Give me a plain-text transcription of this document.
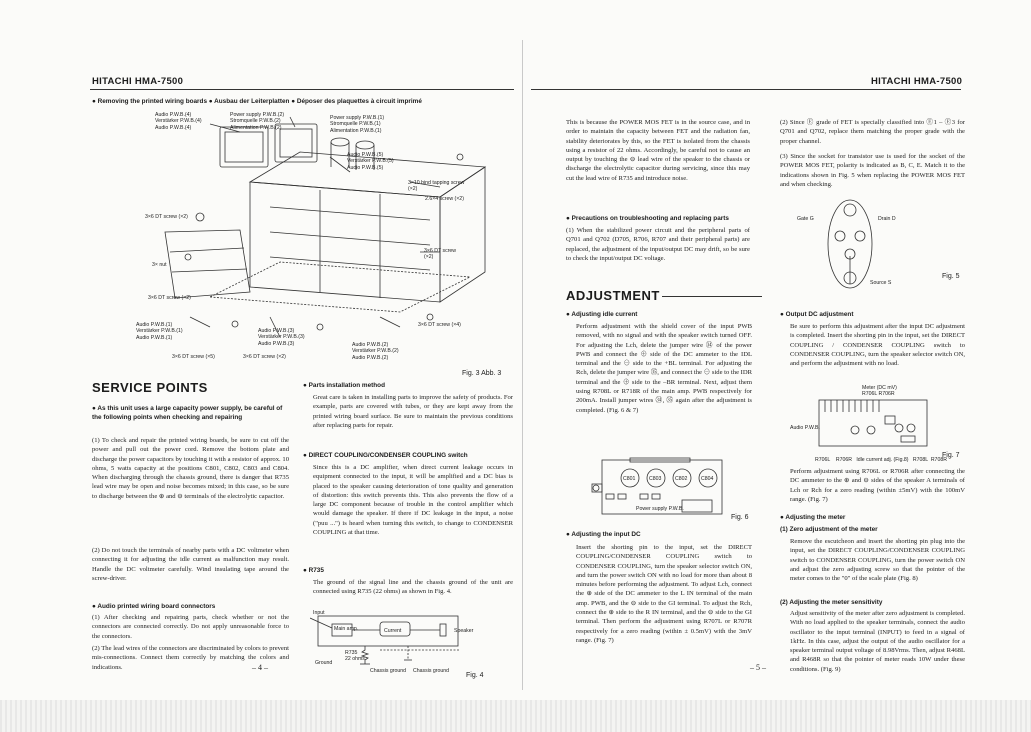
HITACHI HMA-7500	HITACHI HMA-7500
● Removing the printed wiring boards ● Ausbau der Leiterplatten ● Déposer des plaquettes à circuit imprimé
Audio P.W.B.(4)
Verstärker P.W.B.(4)
Audio P.W.B.(4)
Power supply P.W.B.(2)
Stromquelle P.W.B.(2)
Alimentation P.W.B.(2)
Power supply P.W.B.(1)
Stromquelle P.W.B.(1)
Alimentation P.W.B.(1)
Audio P.W.B.(5)
Verstärker P.W.B.(5)
Audio P.W.B.(5)
3×10 bind tapping screw
(×2)
2.6×4 screw (×2)
3×6 DT screw (×2)
3× nut
3×6 DT screw (×2)
3×6 DT screw
(×2)
3×6 DT screw (×4)
Audio P.W.B.(1)
Verstärker P.W.B.(1)
Audio P.W.B.(1)
Audio P.W.B.(3)
Verstärker P.W.B.(3)
Audio P.W.B.(3)	Audio P.W.B.(2)
Verstärker P.W.B.(2)
Audio P.W.B.(2)
3×6 DT screw (×5)	3×6 DT screw (×2)
Fig. 3 Abb. 3
SERVICE POINTS
● As this unit uses a large capacity power supply, be careful of the following points when checking and repairing
(1) To check and repair the printed wiring boards, be sure to cut off the power and pull out the power cord. Remove the bottom plate and discharge the power capacitors by touching it with a resistor of approx. 10 ohms, 5 watts capacity at the positions C801, C802, C803 and C804. When discharging through the chassis ground, there is danger that R735 lead wire may be open and noise becomes mixed; in this case, so be sure to discharge between the ⊕ and ⊖ terminals of the electrolytic capacitor.
(2) Do not touch the terminals of nearby parts with a DC voltmeter when connecting it for adjusting the idle current as malfunction may result. Handle the DC voltmeter carefully. Wind insulating tape around the screw-driver.
● Audio printed wiring board connectors
(1) After checking and repairing parts, check whether or not the connectors are connected correctly. Do not apply unreasonable force to the connectors.
(2) The lead wires of the connectors are discriminated by colors to prevent mis-connections. Connect them correctly by matching the colors and indications.
● Parts installation method
Great care is taken in installing parts to improve the safety of products. For example, parts are covered with tubes, or they are kept away from the printed wiring board surface. Be sure to maintain the previous conditions after replacing parts for repair.
● DIRECT COUPLING/CONDENSER COUPLING switch
Since this is a DC amplifier, when direct current leakage occurs in equipment connected to the input, it will be amplified and a DC bias is placed to the speaker causing deterioration of tone quality and generation of distortion: this switch prevents this. This also prevents the flow of a large DC component because of trouble in the control amplifier which would damage the speaker. If there if DC leakage in the input, a noise ("puu ...") is heard when turning this switch, to change to CONDENSER COUPLING at that time.
● R735
The ground of the signal line and the chassis ground of the unit are connected using R735 (22 ohms) as shown in Fig. 4.
Input
Main amp.	Current	Speaker
Ground
R735
22 ohms
Chassis ground Chassis ground
Fig. 4
– 4 –
This is because the POWER MOS FET is in the source case, and in order to maintain the capacity between FET and the radiation fan, stability deteriorates by this, so the FET is isolated from the chassis using a resistor of 22 ohms. Accordingly, be careful not to cause an output by touching the ⊖ lead wire of the speaker to the chassis or discharge the electrolytic capacitor during servicing, since this may cut the lead wire of R735 and introduce noise.
● Precautions on troubleshooting and replacing parts
(1) When the stabilized power circuit and the peripheral parts of Q701 and Q702 (D705, R706, R707 and their peripheral parts) are replaced, the adjustment of the input/output DC may drift, so be sure to check the input/output DC voltage.
(2) Since Ⓔ grade of FET is specially classified into Ⓔ1 – Ⓔ3 for Q701 and Q702, replace them matching the proper grade with the proper channel.
(3) Since the socket for transistor use is used for the socket of the POWER MOS FET, polarity is indicated as B, C, E. Match it to the indications shown in Fig. 5 when replacing the POWER MOS FET and when checking.
Gate G	Drain D
Source S
Fig. 5
ADJUSTMENT
● Adjusting idle current
Perform adjustment with the shield cover of the input PWB removed, with no signal and with the speaker switch turned OFF. For adjusting the Lch, delete the jumper wire ㉞ of the power PWB and connect the ⊕ side of the DC ammeter to the IDL terminal and the ⊖ side to the +BL terminal. For adjusting the Rch, delete the jumper wire ㉟, and connect the ⊖ side to the IDR terminal and the ⊕ side to the –BR terminal. Next, adjust them using R708L or R718R of the main amp. PWB respectively for 200mA. Install jumper wires ㉞, ㉟ again after the adjustment is completed. (Fig. 6 & 7)
C801	C803	C802	C804
Power supply P.W.B.
Fig. 6
● Adjusting the input DC
Insert the shorting pin to the input, set the DIRECT COUPLING/CONDENSER COUPLING switch to CONDENSER COUPLING, turn the speaker selector switch ON, and turn the power switch ON with no load for more than about 8 minutes before performing the adjustment. To adjust Lch, connect the ⊕ side of the DC ammeter to the L IN terminal of the main amp. PWB, and the ⊖ side to the GI terminal. To adjust the Rch, connect the ⊕ side to the R IN terminal, and the ⊖ side to the GI terminal. Then perform the adjustment using R707L or R707R respectively for a zero reading (within ± 0.5mV) with the 3mV range. (Fig. 7)
● Output DC adjustment
Be sure to perform this adjustment after the input DC adjustment is completed. Insert the shorting pin in the input, set the DIRECT COUPLING / CONDENSER COUPLING switch to CONDENSER COUPLING, turn the speaker selector switch ON, and perform the adjustment with no load.
Meter (DC mV)
R706L R706R
Audio P.W.B.
R706L    R706R   Idle current adj. (Fig.8)   R708L  R708R
Fig. 7
Perform adjustment using R706L or R706R after connecting the DC ammeter to the ⊕ and ⊖ sides of the speaker A terminals of Lch or Rch for a zero reading (within ±5mV) with the 100mV range. (Fig. 7)
● Adjusting the meter
(1) Zero adjustment of the meter
Remove the escutcheon and insert the shorting pin plug into the input, set the DIRECT COUPLING/CONDENSER COUPLING switch to CONDENSER COUPLING, turn the power switch ON and adjust the zero adjusting screw so that the pointer of the meter comes to the "0" of the scale plate (Fig. 8)
(2) Adjusting the meter sensitivity
Adjust sensitivity of the meter after zero adjustment is completed. With no load applied to the speaker terminals, connect the audio oscillator to the input terminal (INPUT) to feed in a signal of 1kHz. In this case, adjust the output of the audio oscillator for a speaker terminal output voltage of 8.98Vrms. Then, adjust R468L and R468R so that the pointer of meter reads 10W under these conditions. (Fig. 9)
– 5 –
